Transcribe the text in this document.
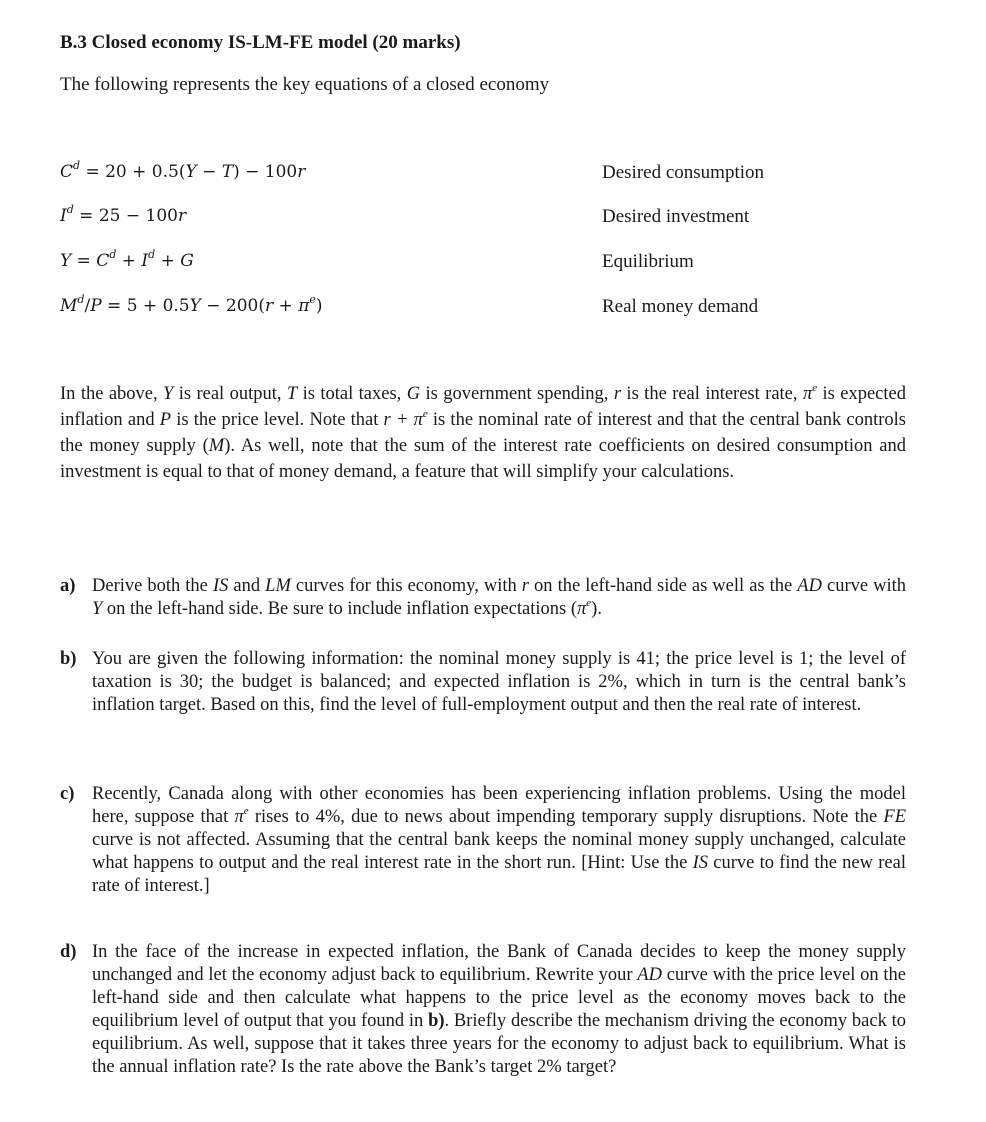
B.3 Closed economy IS-LM-FE model (20 marks)

The following represents the key equations of a closed economy

$C^d = 20 + 0.5(Y - T) - 100r$	Desired consumption
$I^d = 25 - 100r$	Desired investment
$Y = C^d + I^d + G$	Equilibrium
$M^d/P = 5 + 0.5Y - 200(r + \pi^e)$	Real money demand

In the above, Y is real output, T is total taxes, G is government spending, r is the real interest rate, $\pi^e$ is expected inflation and P is the price level. Note that $r + \pi^e$ is the nominal rate of interest and that the central bank controls the money supply (M). As well, note that the sum of the interest rate coefficients on desired consumption and investment is equal to that of money demand, a feature that will simplify your calculations.

a) Derive both the IS and LM curves for this economy, with r on the left-hand side as well as the AD curve with Y on the left-hand side. Be sure to include inflation expectations $(\pi^e)$.
b) You are given the following information: the nominal money supply is 41; the price level is 1; the level of taxation is 30; the budget is balanced; and expected inflation is 2%, which in turn is the central bank’s inflation target. Based on this, find the level of full-employment output and then the real rate of interest.
c) Recently, Canada along with other economies has been experiencing inflation problems. Using the model here, suppose that $\pi^e$ rises to 4%, due to news about impending temporary supply disruptions. Note the FE curve is not affected. Assuming that the central bank keeps the nominal money supply unchanged, calculate what happens to output and the real interest rate in the short run. [Hint: Use the IS curve to find the new real rate of interest.]
d) In the face of the increase in expected inflation, the Bank of Canada decides to keep the money supply unchanged and let the economy adjust back to equilibrium. Rewrite your AD curve with the price level on the left-hand side and then calculate what happens to the price level as the economy moves back to the equilibrium level of output that you found in b). Briefly describe the mechanism driving the economy back to equilibrium. As well, suppose that it takes three years for the economy to adjust back to equilibrium. What is the annual inflation rate? Is the rate above the Bank’s target 2% target?
